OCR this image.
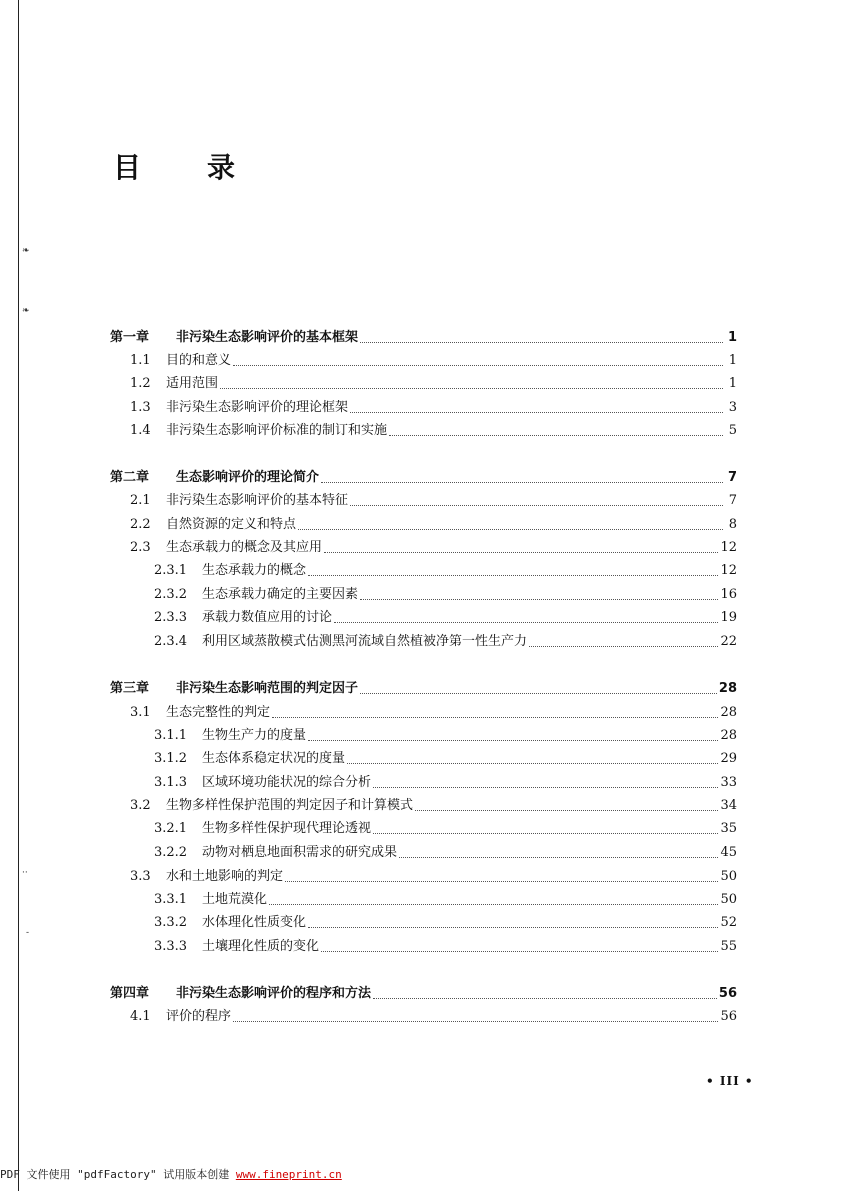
❧
❧
··
-
目 录
第一章	非污染生态影响评价的基本框架	1
1.1	目的和意义	1
1.2	适用范围	1
1.3	非污染生态影响评价的理论框架	3
1.4	非污染生态影响评价标准的制订和实施	5
第二章	生态影响评价的理论简介	7
2.1	非污染生态影响评价的基本特征	7
2.2	自然资源的定义和特点	8
2.3	生态承载力的概念及其应用	12
2.3.1	生态承载力的概念	12
2.3.2	生态承载力确定的主要因素	16
2.3.3	承载力数值应用的讨论	19
2.3.4	利用区域蒸散模式估测黑河流域自然植被净第一性生产力	22
第三章	非污染生态影响范围的判定因子	28
3.1	生态完整性的判定	28
3.1.1	生物生产力的度量	28
3.1.2	生态体系稳定状况的度量	29
3.1.3	区域环境功能状况的综合分析	33
3.2	生物多样性保护范围的判定因子和计算模式	34
3.2.1	生物多样性保护现代理论透视	35
3.2.2	动物对栖息地面积需求的研究成果	45
3.3	水和土地影响的判定	50
3.3.1	土地荒漠化	50
3.3.2	水体理化性质变化	52
3.3.3	土壤理化性质的变化	55
第四章	非污染生态影响评价的程序和方法	56
4.1	评价的程序	56
• III •
PDF 文件使用 "pdfFactory" 试用版本创建 www.fineprint.cn
